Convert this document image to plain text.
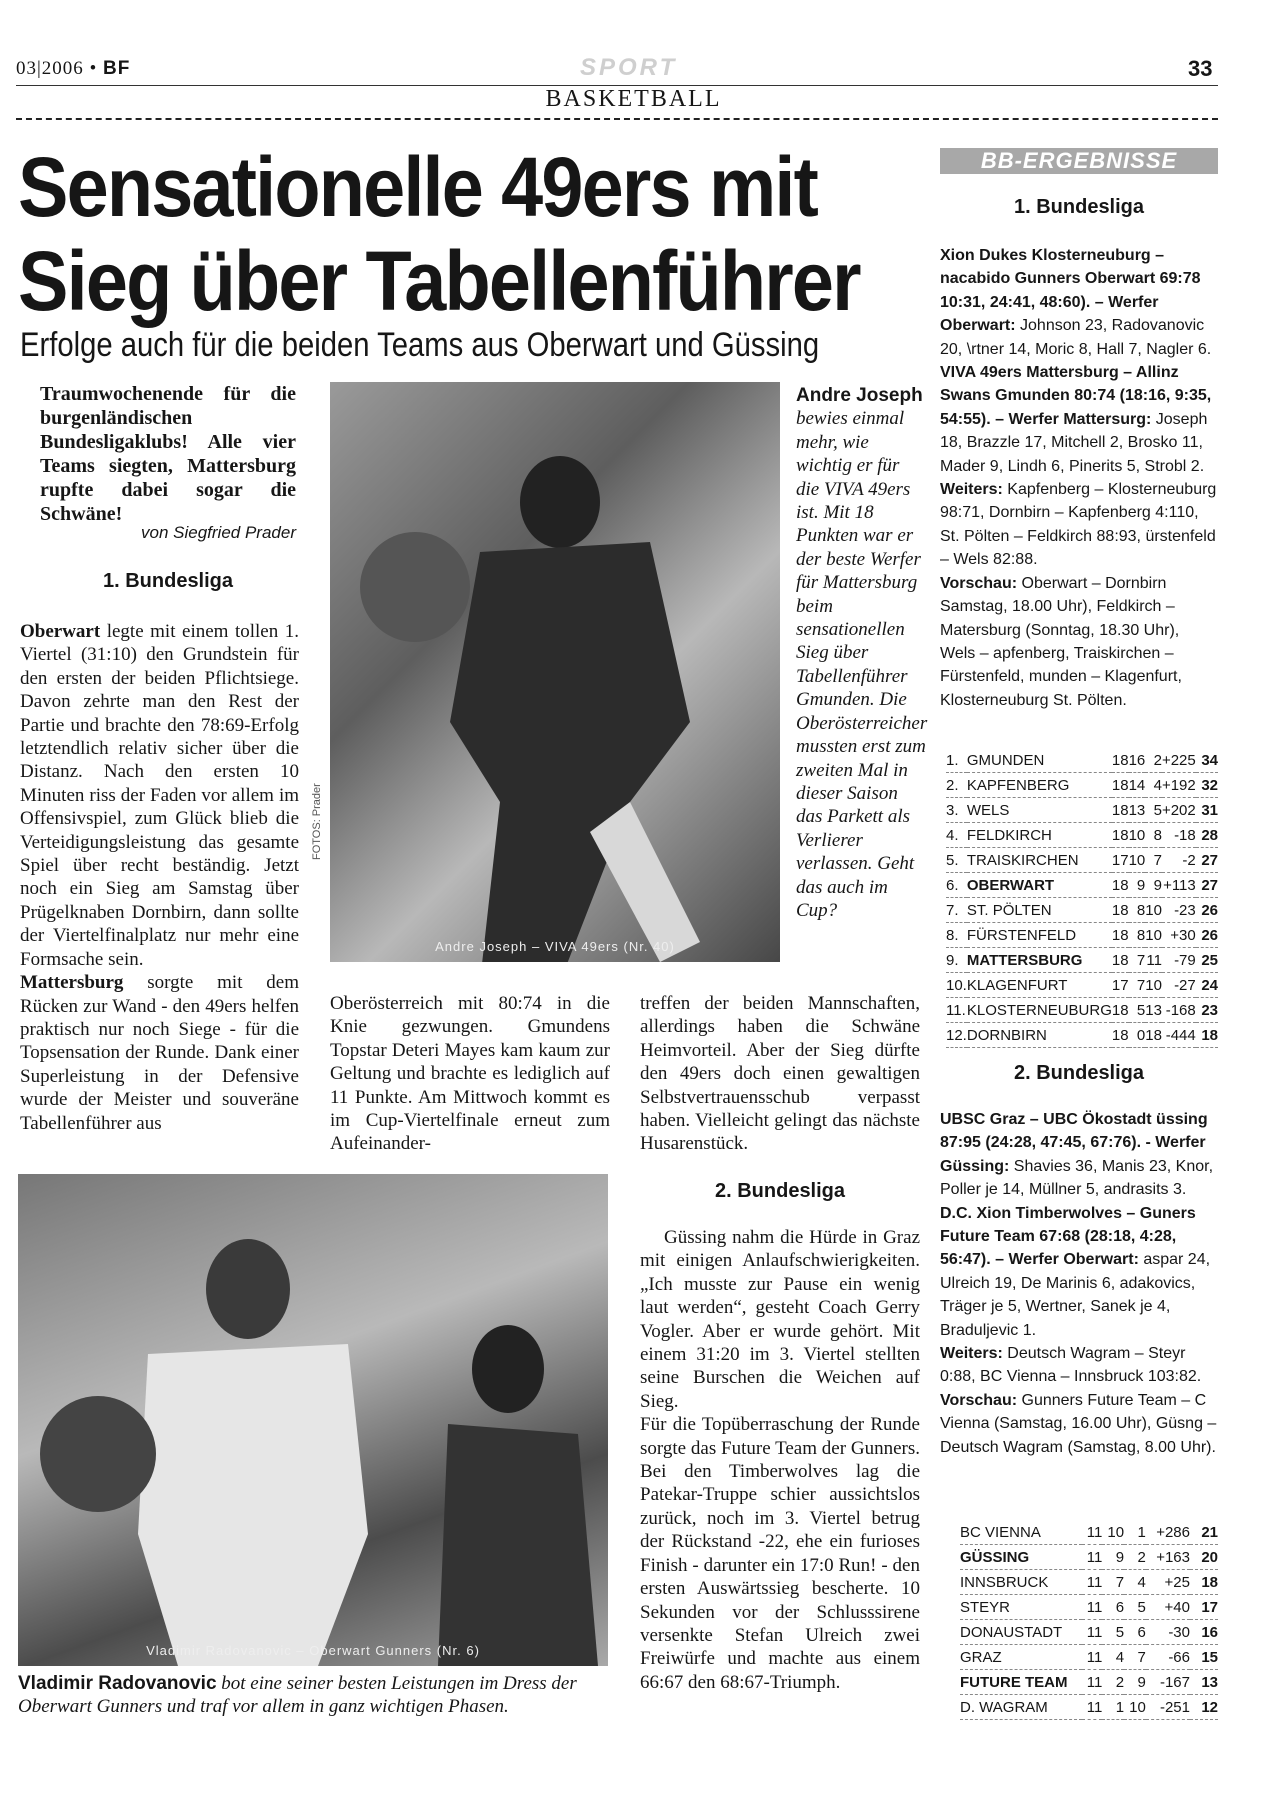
03|2006 • BF	SPORT	33
BASKETBALL
Sensationelle 49ers mit
Sieg über Tabellenführer
Erfolge auch für die beiden Teams aus Oberwart und Güssing
Traumwochenende für die burgenländischen Bundesligaklubs! Alle vier Teams siegten, Mattersburg rupfte dabei sogar die Schwäne!
von Siegfried Prader
1. Bundesliga
Oberwart legte mit einem tollen 1. Viertel (31:10) den Grundstein für den ersten der beiden Pflichtsiege. Davon zehrte man den Rest der Partie und brachte den 78:69-Erfolg letztendlich relativ sicher über die Distanz. Nach den ersten 10 Minuten riss der Faden vor allem im Offensivspiel, zum Glück blieb die Verteidigungsleistung das gesamte Spiel über recht beständig. Jetzt noch ein Sieg am Samstag über Prügelknaben Dornbirn, dann sollte der Viertelfinalplatz nur mehr eine Formsache sein.
Mattersburg sorgte mit dem Rücken zur Wand - den 49ers helfen praktisch nur noch Siege - für die Topsensation der Runde. Dank einer Superleistung in der Defensive wurde der Meister und souveräne Tabellenführer aus
Andre Joseph – VIVA 49ers (Nr. 40)
FOTOS: Prader
Andre Joseph bewies einmal mehr, wie wichtig er für die VIVA 49ers ist. Mit 18 Punkten war er der beste Werfer für Mattersburg beim sensationellen Sieg über Tabellenführer Gmunden. Die Oberösterreicher mussten erst zum zweiten Mal in dieser Saison das Parkett als Verlierer verlassen. Geht das auch im Cup?
Oberösterreich mit 80:74 in die Knie gezwungen. Gmundens Topstar Deteri Mayes kam kaum zur Geltung und brachte es lediglich auf 11 Punkte. Am Mittwoch kommt es im Cup-Viertelfinale erneut zum Aufeinander-
treffen der beiden Mannschaften, allerdings haben die Schwäne Heimvorteil. Aber der Sieg dürfte den 49ers doch einen gewaltigen Selbstvertrauensschub verpasst haben. Vielleicht gelingt das nächste Husarenstück.
2. Bundesliga
Güssing nahm die Hürde in Graz mit einigen Anlaufschwierigkeiten. „Ich musste zur Pause ein wenig laut werden“, gesteht Coach Gerry Vogler. Aber er wurde gehört. Mit einem 31:20 im 3. Viertel stellten seine Burschen die Weichen auf Sieg.
Für die Topüberraschung der Runde sorgte das Future Team der Gunners. Bei den Timberwolves lag die Patekar-Truppe schier aussichtslos zurück, noch im 3. Viertel betrug der Rückstand -22, ehe ein furioses Finish - darunter ein 17:0 Run! - den ersten Auswärtssieg bescherte. 10 Sekunden vor der Schlusssirene versenkte Stefan Ulreich zwei Freiwürfe und machte aus einem 66:67 den 68:67-Triumph.
Vladimir Radovanovic – Oberwart Gunners (Nr. 6)
Vladimir Radovanovic bot eine seiner besten Leistungen im Dress der Oberwart Gunners und traf vor allem in ganz wichtigen Phasen.
BB-ERGEBNISSE
1. Bundesliga
Xion Dukes Klosterneuburg – nacabido Gunners Oberwart 69:78 10:31, 24:41, 48:60). – Werfer Oberwart: Johnson 23, Radovanovic 20, \rtner 14, Moric 8, Hall 7, Nagler 6.
VIVA 49ers Mattersburg – Allinz Swans Gmunden 80:74 (18:16, 9:35, 54:55). – Werfer Mattersurg: Joseph 18, Brazzle 17, Mitchell 2, Brosko 11, Mader 9, Lindh 6, Pinerits 5, Strobl 2.
Weiters: Kapfenberg – Klosterneuburg 98:71, Dornbirn – Kapfenberg 4:110, St. Pölten – Feldkirch 88:93, ürstenfeld – Wels 82:88.
Vorschau: Oberwart – Dornbirn Samstag, 18.00 Uhr), Feldkirch – Matersburg (Sonntag, 18.30 Uhr), Wels – apfenberg, Traiskirchen – Fürstenfeld, munden – Klagenfurt, Klosterneuburg St. Pölten.
1.	GMUNDEN	18	16	2	+225	34
2.	KAPFENBERG	18	14	4	+192	32
3.	WELS	18	13	5	+202	31
4.	FELDKIRCH	18	10	8	-18	28
5.	TRAISKIRCHEN	17	10	7	-2	27
6.	OBERWART	18	9	9	+113	27
7.	ST. PÖLTEN	18	8	10	-23	26
8.	FÜRSTENFELD	18	8	10	+30	26
9.	MATTERSBURG	18	7	11	-79	25
10.	KLAGENFURT	17	7	10	-27	24
11.	KLOSTERNEUBURG	18	5	13	-168	23
12.	DORNBIRN	18	0	18	-444	18
2. Bundesliga
UBSC Graz – UBC Ökostadt üssing 87:95 (24:28, 47:45, 67:76). - Werfer Güssing: Shavies 36, Manis 23, Knor, Poller je 14, Müllner 5, andrasits 3.
D.C. Xion Timberwolves – Guners Future Team 67:68 (28:18, 4:28, 56:47). – Werfer Oberwart: aspar 24, Ulreich 19, De Marinis 6, adakovics, Träger je 5, Wertner, Sanek je 4, Braduljevic 1.
Weiters: Deutsch Wagram – Steyr 0:88, BC Vienna – Innsbruck 103:82.
Vorschau: Gunners Future Team – C Vienna (Samstag, 16.00 Uhr), Güsng – Deutsch Wagram (Samstag, 8.00 Uhr).
BC VIENNA	11	10	1	+286	21
GÜSSING	11	9	2	+163	20
INNSBRUCK	11	7	4	+25	18
STEYR	11	6	5	+40	17
DONAUSTADT	11	5	6	-30	16
GRAZ	11	4	7	-66	15
FUTURE TEAM	11	2	9	-167	13
D. WAGRAM	11	1	10	-251	12
